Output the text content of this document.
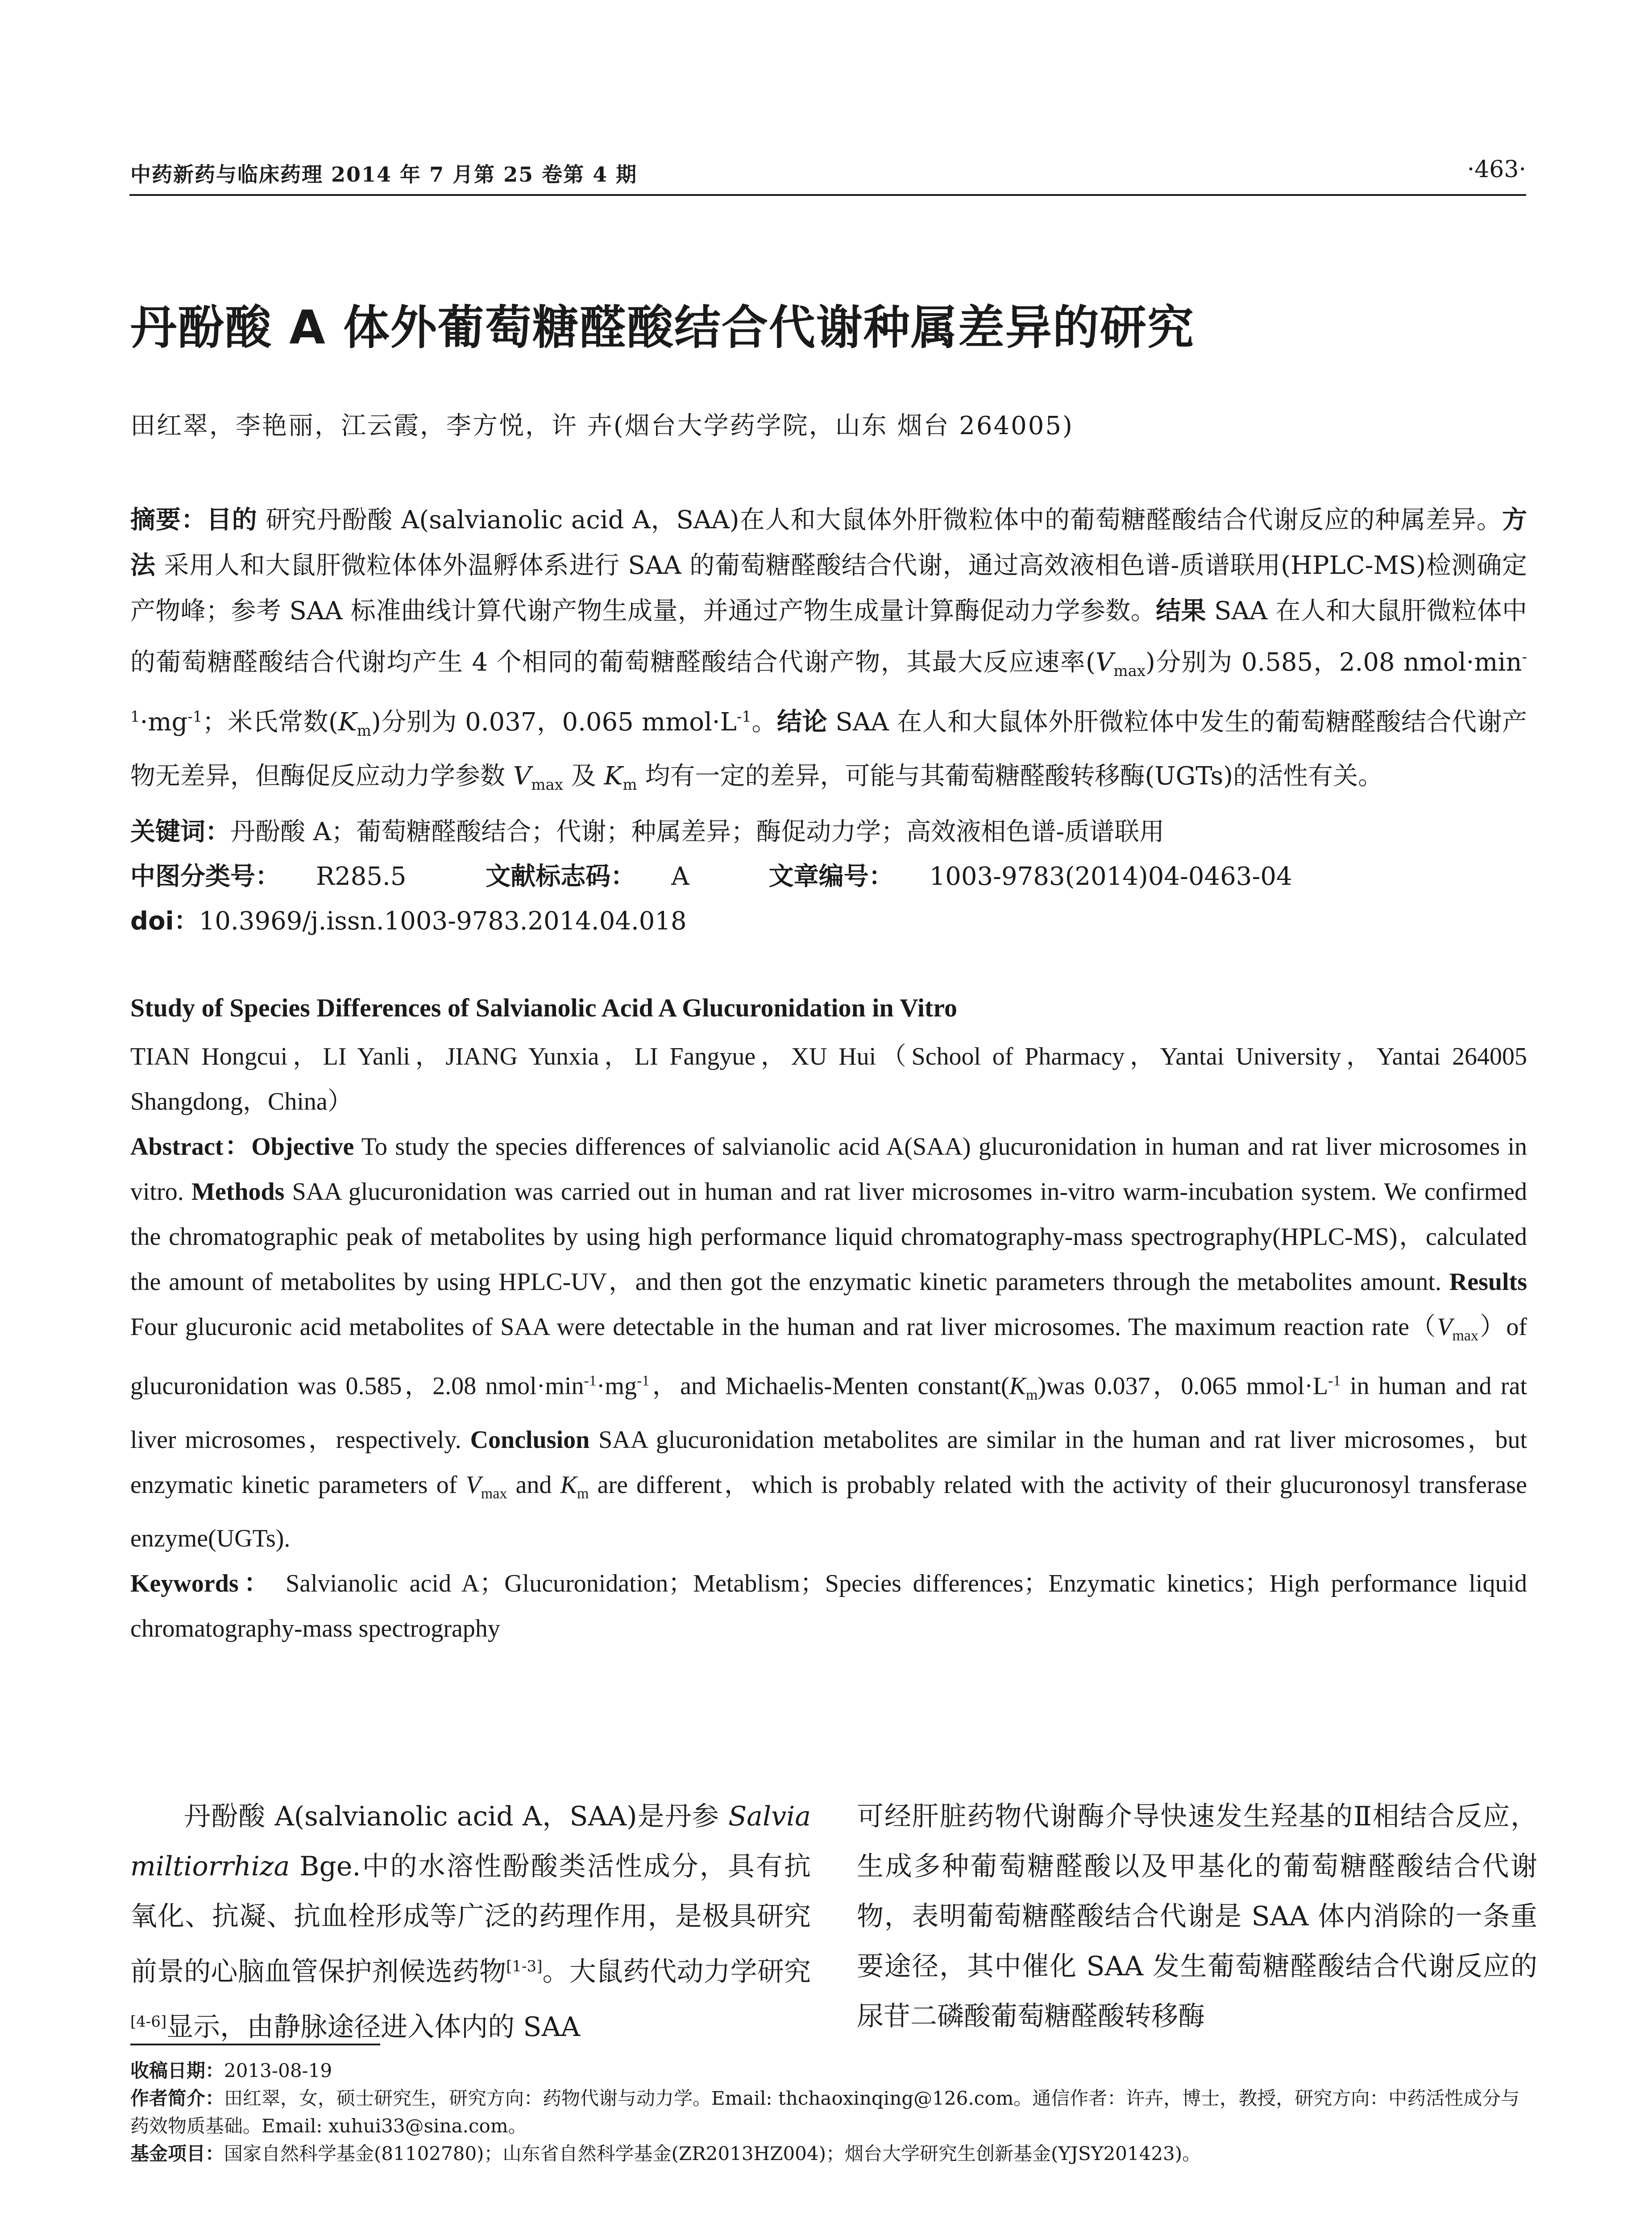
中药新药与临床药理 2014 年 7 月第 25 卷第 4 期	·463·
丹酚酸 A 体外葡萄糖醛酸结合代谢种属差异的研究
田红翠，李艳丽，江云霞，李方悦，许 卉(烟台大学药学院，山东 烟台 264005)
摘要：目的 研究丹酚酸 A(salvianolic acid A，SAA)在人和大鼠体外肝微粒体中的葡萄糖醛酸结合代谢反应的种属差异。方法 采用人和大鼠肝微粒体体外温孵体系进行 SAA 的葡萄糖醛酸结合代谢，通过高效液相色谱-质谱联用(HPLC-MS)检测确定产物峰；参考 SAA 标准曲线计算代谢产物生成量，并通过产物生成量计算酶促动力学参数。结果 SAA 在人和大鼠肝微粒体中的葡萄糖醛酸结合代谢均产生 4 个相同的葡萄糖醛酸结合代谢产物，其最大反应速率$(V_{max})$分别为 0.585，2.08 $nmol\cdot\min^{-1}\cdot mg^{-1}$；米氏常数$(K_m)$分别为 0.037，0.065 $mmol\cdot L^{-1}$。结论 SAA 在人和大鼠体外肝微粒体中发生的葡萄糖醛酸结合代谢产物无差异，但酶促反应动力学参数 $V_{max}$ 及 $K_m$ 均有一定的差异，可能与其葡萄糖醛酸转移酶(UGTs)的活性有关。
关键词：丹酚酸 A；葡萄糖醛酸结合；代谢；种属差异；酶促动力学；高效液相色谱-质谱联用
中图分类号： R285.5	文献标志码： A	文章编号： 1003-9783(2014)04-0463-04
doi：10.3969/j.issn.1003-9783.2014.04.018
Study of Species Differences of Salvianolic Acid A Glucuronidation in Vitro

TIAN Hongcui，LI Yanli，JIANG Yunxia，LI Fangyue，XU Hui（School of Pharmacy，Yantai University，Yantai 264005 Shangdong，China）

Abstract：Objective To study the species differences of salvianolic acid A(SAA) glucuronidation in human and rat liver microsomes in vitro. Methods SAA glucuronidation was carried out in human and rat liver microsomes in-vitro warm-incubation system. We confirmed the chromatographic peak of metabolites by using high performance liquid chromatography-mass spectrography(HPLC-MS)，calculated the amount of metabolites by using HPLC-UV，and then got the enzymatic kinetic parameters through the metabolites amount. Results Four glucuronic acid metabolites of SAA were detectable in the human and rat liver microsomes. The maximum reaction $rate(V_{max})of$ glucuronidation was 0.585，2.08 $nmol\cdot\min^{-1}\cdot mg^{-1}$，and Michaelis-Menten $constant(K_m)was$ 0.037，0.065 $mmol\cdot L^{-1}$ in human and rat liver microsomes，respectively. Conclusion SAA glucuronidation metabolites are similar in the human and rat liver microsomes，but enzymatic kinetic parameters of $V_{max}$ and $K_m$ are different，which is probably related with the activity of their glucuronosyl transferase enzyme(UGTs).

Keywords： Salvianolic acid A；Glucuronidation；Metablism；Species differences；Enzymatic kinetics；High performance liquid chromatography-mass spectrography

丹酚酸 A(salvianolic acid A，SAA)是丹参 Salvia miltiorrhiza Bge.中的水溶性酚酸类活性成分，具有抗氧化、抗凝、抗血栓形成等广泛的药理作用，是极具研究前景的心脑血管保护剂候选药物[1-3]。大鼠药代动力学研究[4-6]显示，由静脉途径进入体内的 SAA

可经肝脏药物代谢酶介导快速发生羟基的Ⅱ相结合反应，生成多种葡萄糖醛酸以及甲基化的葡萄糖醛酸结合代谢物，表明葡萄糖醛酸结合代谢是 SAA 体内消除的一条重要途径，其中催化 SAA 发生葡萄糖醛酸结合代谢反应的尿苷二磷酸葡萄糖醛酸转移酶

收稿日期：2013-08-19

作者简介：田红翠，女，硕士研究生，研究方向：药物代谢与动力学。Email: thchaoxinqing@126.com。通信作者：许卉，博士，教授，研究方向：中药活性成分与药效物质基础。Email: xuhui33@sina.com。

基金项目：国家自然科学基金(81102780)；山东省自然科学基金(ZR2013HZ004)；烟台大学研究生创新基金(YJSY201423)。
